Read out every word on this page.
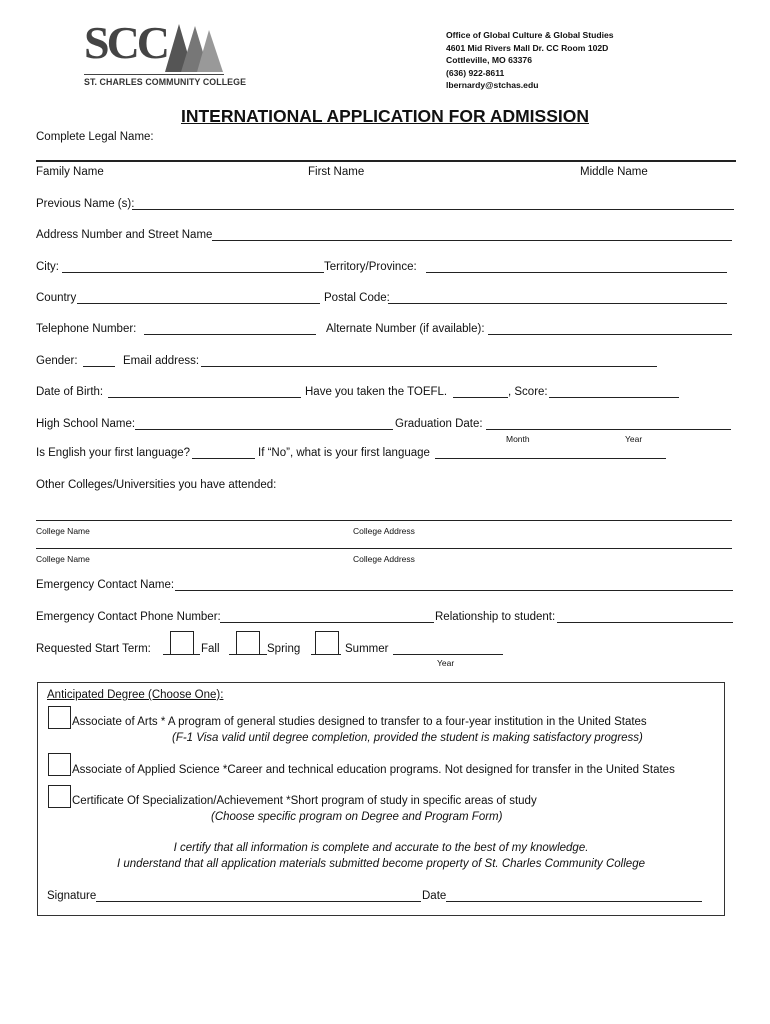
SCC
ST. CHARLES COMMUNITY COLLEGE
Office of Global Culture & Global Studies
4601 Mid Rivers Mall Dr. CC Room 102D
Cottleville, MO 63376
(636) 922-8611
lbernardy@stchas.edu
INTERNATIONAL APPLICATION FOR ADMISSION
Complete Legal Name:
Family Name	First Name	Middle Name
Previous Name (s):
Address Number and Street Name
City:	Territory/Province:
Country	Postal Code:
Telephone Number:	Alternate Number (if available):
Gender:	Email address:
Date of Birth:	Have you taken the TOEFL.	, Score:
High School Name:	Graduation Date:
Month	Year
Is English your first language?	If “No”, what is your first language
Other Colleges/Universities you have attended:
College Name	College Address
College Name	College Address
Emergency Contact Name:
Emergency Contact Phone Number:	Relationship to student:
Requested Start Term:	Fall	Spring	Summer
Year
Anticipated Degree (Choose One):
Associate of Arts * A program of general studies designed to transfer to a four-year institution in the United States
(F-1 Visa valid until degree completion, provided the student is making satisfactory progress)
Associate of Applied Science *Career and technical education programs. Not designed for transfer in the United States
Certificate Of Specialization/Achievement *Short program of study in specific areas of study
(Choose specific program on Degree and Program Form)
I certify that all information is complete and accurate to the best of my knowledge.
I understand that all application materials submitted become property of St. Charles Community College
Signature	Date
